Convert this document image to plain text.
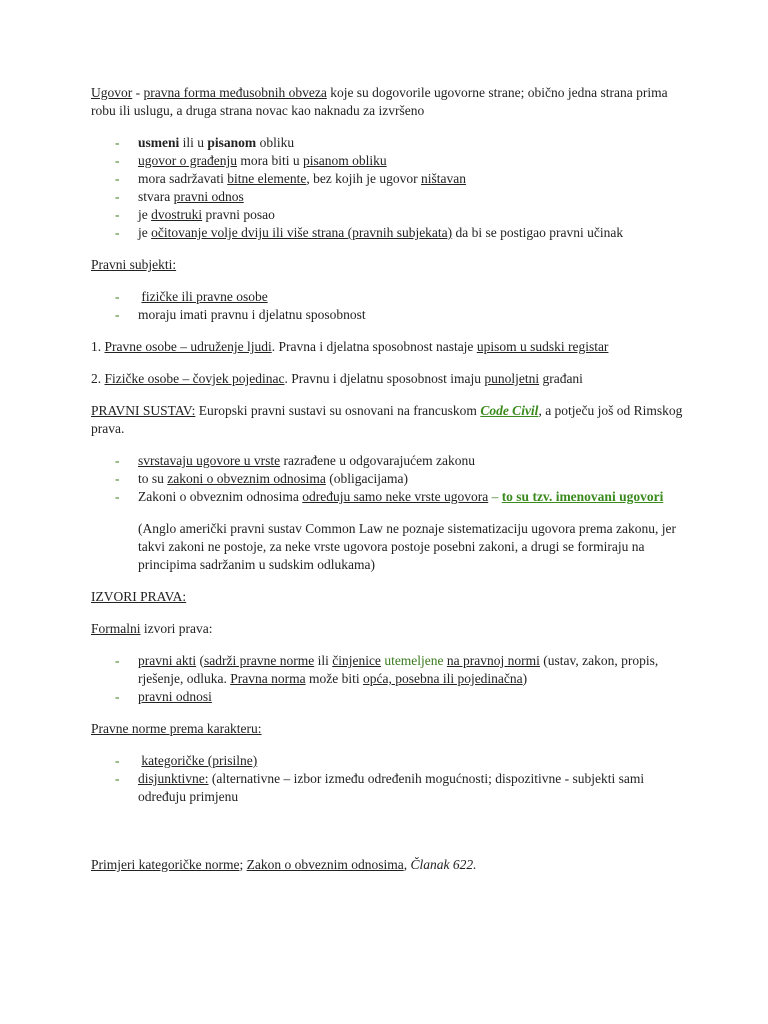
Ugovor - pravna forma međusobnih obveza koje su dogovorile ugovorne strane; obično jedna strana prima robu ili uslugu, a druga strana novac kao naknadu za izvršeno

- usmeni ili u pisanom obliku
- ugovor o građenju mora biti u pisanom obliku
- mora sadržavati bitne elemente, bez kojih je ugovor ništavan
- stvara pravni odnos
- je dvostruki pravni posao
- je očitovanje volje dviju ili više strana (pravnih subjekata) da bi se postigao pravni učinak

Pravni subjekti:

- fizičke ili pravne osobe
- moraju imati pravnu i djelatnu sposobnost

1. Pravne osobe – udruženje ljudi. Pravna i djelatna sposobnost nastaje upisom u sudski registar

2. Fizičke osobe – čovjek pojedinac. Pravnu i djelatnu sposobnost imaju punoljetni građani

PRAVNI SUSTAV: Europski pravni sustavi su osnovani na francuskom Code Civil, a potječu još od Rimskog prava.

- svrstavaju ugovore u vrste razrađene u odgovarajućem zakonu
- to su zakoni o obveznim odnosima (obligacijama)
- Zakoni o obveznim odnosima određuju samo neke vrste ugovora – to su tzv. imenovani ugovori

(Anglo američki pravni sustav Common Law ne poznaje sistematizaciju ugovora prema zakonu, jer takvi zakoni ne postoje, za neke vrste ugovora postoje posebni zakoni, a drugi se formiraju na principima sadržanim u sudskim odlukama)

IZVORI PRAVA:

Formalni izvori prava:

- pravni akti (sadrži pravne norme ili činjenice utemeljene na pravnoj normi (ustav, zakon, propis, rješenje, odluka. Pravna norma može biti opća, posebna ili pojedinačna)
- pravni odnosi

Pravne norme prema karakteru:

- kategoričke (prisilne)
- disjunktivne: (alternativne – izbor između određenih mogućnosti; dispozitivne - subjekti sami određuju primjenu

Primjeri kategoričke norme; Zakon o obveznim odnosima, Članak 622.
